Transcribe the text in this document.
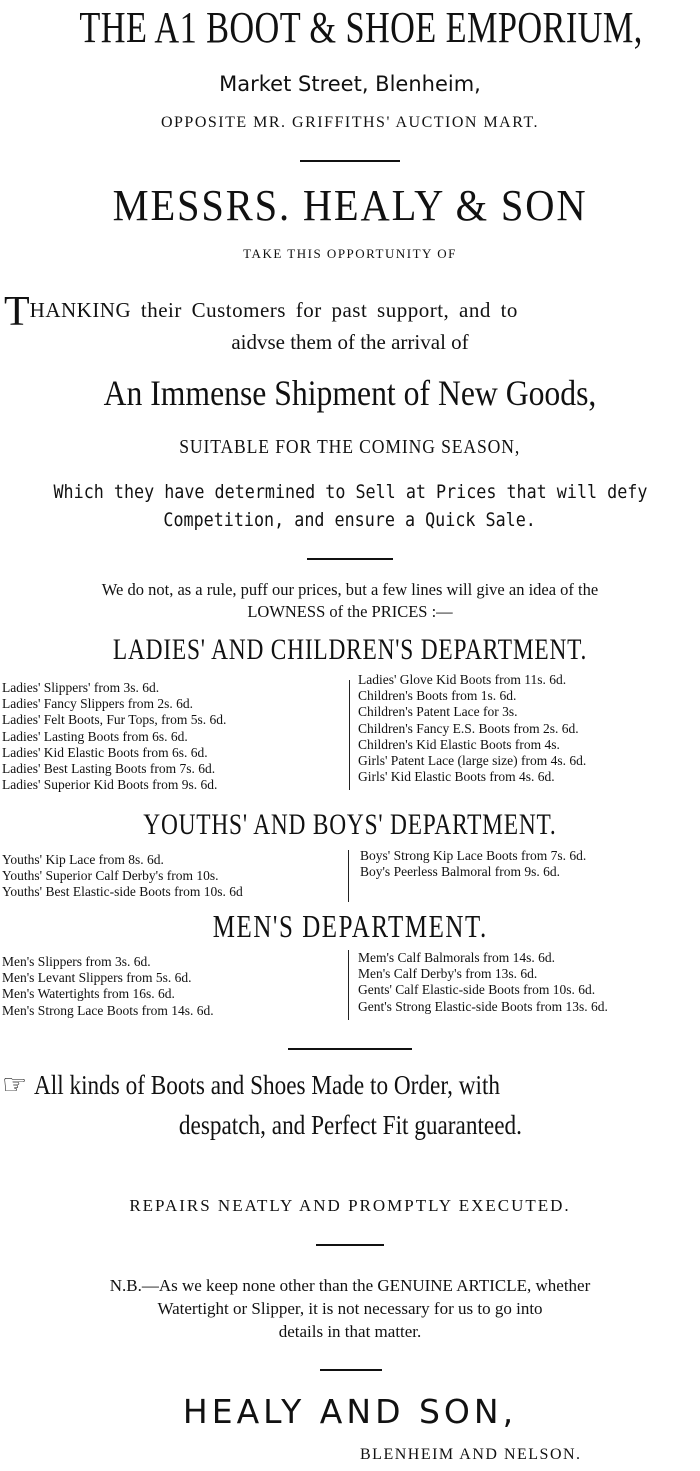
THE A1 BOOT & SHOE EMPORIUM,
Market Street, Blenheim,
OPPOSITE MR. GRIFFITHS' AUCTION MART.
MESSRS. HEALY & SON
TAKE THIS OPPORTUNITY OF
THANKING their Customers for past support, and to
aidvse them of the arrival of
An Immense Shipment of New Goods,
SUITABLE FOR THE COMING SEASON,
Which they have determined to Sell at Prices that will defy
Competition, and ensure a Quick Sale.
We do not, as a rule, puff our prices, but a few lines will give an idea of the
LOWNESS of the PRICES :—
LADIES' AND CHILDREN'S DEPARTMENT.
Ladies' Slippers' from 3s. 6d.
Ladies' Fancy Slippers from 2s. 6d.
Ladies' Felt Boots, Fur Tops, from 5s. 6d.
Ladies' Lasting Boots from 6s. 6d.
Ladies' Kid Elastic Boots from 6s. 6d.
Ladies' Best Lasting Boots from 7s. 6d.
Ladies' Superior Kid Boots from 9s. 6d.
Ladies' Glove Kid Boots from 11s. 6d.
Children's Boots from 1s. 6d.
Children's Patent Lace for 3s.
Children's Fancy E.S. Boots from 2s. 6d.
Children's Kid Elastic Boots from 4s.
Girls' Patent Lace (large size) from 4s. 6d.
Girls' Kid Elastic Boots from 4s. 6d.
YOUTHS' AND BOYS' DEPARTMENT.
Youths' Kip Lace from 8s. 6d.
Youths' Superior Calf Derby's from 10s.
Youths' Best Elastic-side Boots from 10s. 6d
Boys' Strong Kip Lace Boots from 7s. 6d.
Boy's Peerless Balmoral from 9s. 6d.
MEN'S DEPARTMENT.
Men's Slippers from 3s. 6d.
Men's Levant Slippers from 5s. 6d.
Men's Watertights from 16s. 6d.
Men's Strong Lace Boots from 14s. 6d.
Mem's Calf Balmorals from 14s. 6d.
Men's Calf Derby's from 13s. 6d.
Gents' Calf Elastic-side Boots from 10s. 6d.
Gent's Strong Elastic-side Boots from 13s. 6d.
☞ All kinds of Boots and Shoes Made to Order, with
despatch, and Perfect Fit guaranteed.
REPAIRS NEATLY AND PROMPTLY EXECUTED.
N.B.—As we keep none other than the GENUINE ARTICLE, whether
Watertight or Slipper, it is not necessary for us to go into
details in that matter.
HEALY AND SON,
BLENHEIM AND NELSON.
